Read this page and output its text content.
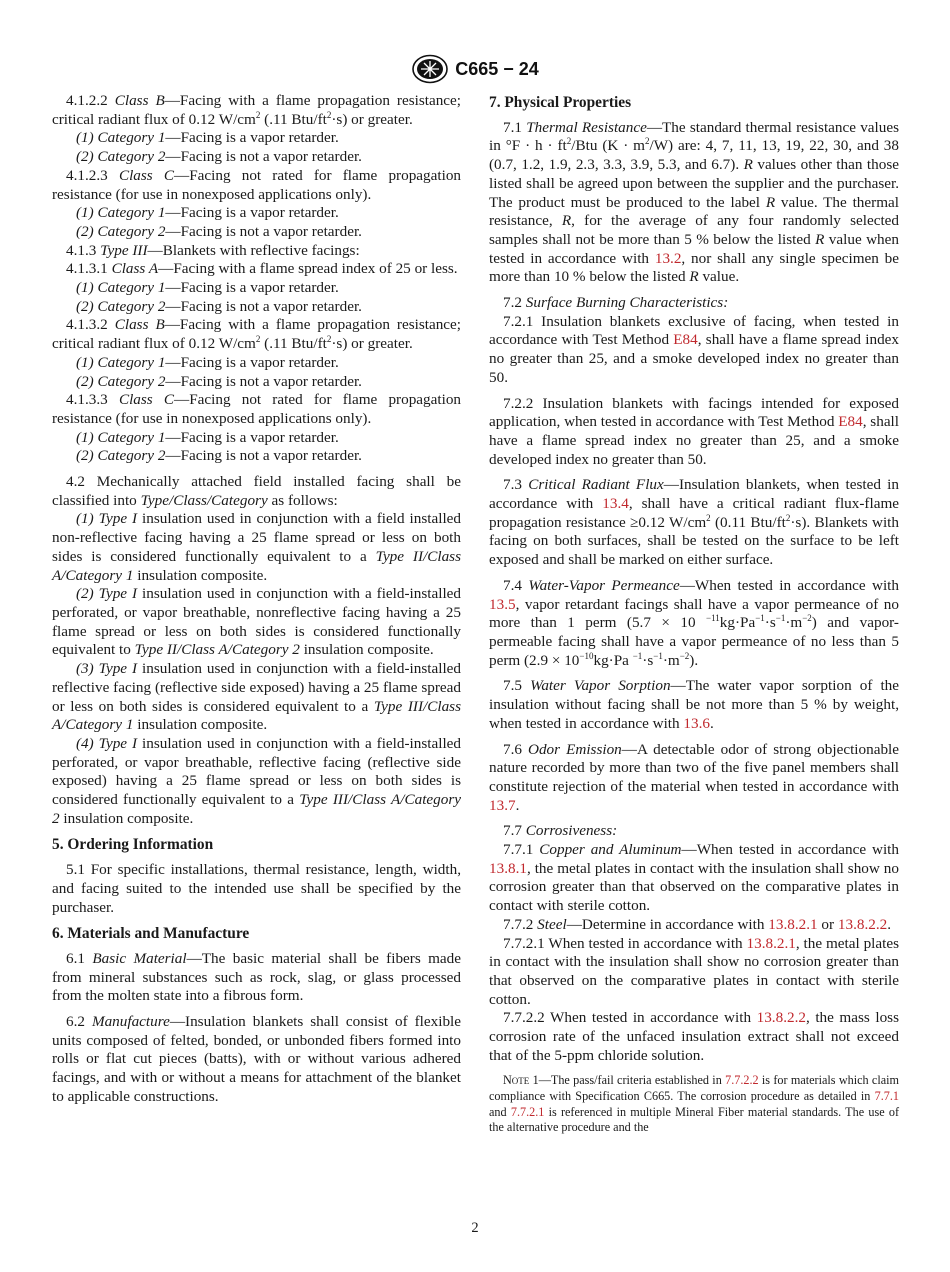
C665 − 24

4.1.2.2 Class B—Facing with a flame propagation resistance; critical radiant flux of 0.12 $W/cm^2$ (.11 Btu/$ft^2\cdot s$) or greater.

(1) Category 1—Facing is a vapor retarder.

(2) Category 2—Facing is not a vapor retarder.

4.1.2.3 Class C—Facing not rated for flame propagation resistance (for use in nonexposed applications only).

(1) Category 1—Facing is a vapor retarder.

(2) Category 2—Facing is not a vapor retarder.

4.1.3 Type III—Blankets with reflective facings:

4.1.3.1 Class A—Facing with a flame spread index of 25 or less.

(1) Category 1—Facing is a vapor retarder.

(2) Category 2—Facing is not a vapor retarder.

4.1.3.2 Class B—Facing with a flame propagation resistance; critical radiant flux of 0.12 $W/cm^2$ (.11 Btu/$ft^2\cdot s$) or greater.

(1) Category 1—Facing is a vapor retarder.

(2) Category 2—Facing is not a vapor retarder.

4.1.3.3 Class C—Facing not rated for flame propagation resistance (for use in nonexposed applications only).

(1) Category 1—Facing is a vapor retarder.

(2) Category 2—Facing is not a vapor retarder.

4.2 Mechanically attached field installed facing shall be classified into Type/Class/Category as follows:

(1) Type I insulation used in conjunction with a field installed non-reflective facing having a 25 flame spread or less on both sides is considered functionally equivalent to a Type II/Class A/Category 1 insulation composite.

(2) Type I insulation used in conjunction with a field-installed perforated, or vapor breathable, nonreflective facing having a 25 flame spread or less on both sides is considered functionally equivalent to Type II/Class A/Category 2 insulation composite.

(3) Type I insulation used in conjunction with a field-installed reflective facing (reflective side exposed) having a 25 flame spread or less on both sides is considered equivalent to a Type III/Class A/Category 1 insulation composite.

(4) Type I insulation used in conjunction with a field-installed perforated, or vapor breathable, reflective facing (reflective side exposed) having a 25 flame spread or less on both sides is considered functionally equivalent to a Type III/Class A/Category 2 insulation composite.

5. Ordering Information

5.1 For specific installations, thermal resistance, length, width, and facing suited to the intended use shall be specified by the purchaser.

6. Materials and Manufacture

6.1 Basic Material—The basic material shall be fibers made from mineral substances such as rock, slag, or glass processed from the molten state into a fibrous form.

6.2 Manufacture—Insulation blankets shall consist of flexible units composed of felted, bonded, or unbonded fibers formed into rolls or flat cut pieces (batts), with or without various adhered facings, and with or without a means for attachment of the blanket to applicable constructions.

7. Physical Properties

7.1 Thermal Resistance—The standard thermal resistance values in $^\circ F \cdot h \cdot ft^2$/Btu $(K \cdot m^2/W)$ are: 4, 7, 11, 13, 19, 22, 30, and 38 (0.7, 1.2, 1.9, 2.3, 3.3, 3.9, 5.3, and 6.7). R values other than those listed shall be agreed upon between the supplier and the purchaser. The product must be produced to the label R value. The thermal resistance, R, for the average of any four randomly selected samples shall not be more than 5 % below the listed R value when tested in accordance with 13.2, nor shall any single specimen be more than 10 % below the listed R value.

7.2 Surface Burning Characteristics:

7.2.1 Insulation blankets exclusive of facing, when tested in accordance with Test Method E84, shall have a flame spread index no greater than 25, and a smoke developed index no greater than 50.

7.2.2 Insulation blankets with facings intended for exposed application, when tested in accordance with Test Method E84, shall have a flame spread index no greater than 25, and a smoke developed index no greater than 50.

7.3 Critical Radiant Flux—Insulation blankets, when tested in accordance with 13.4, shall have a critical radiant flux-flame propagation resistance ≥0.12 $W/cm^2$ (0.11 Btu/$ft^2\cdot s$). Blankets with facing on both surfaces, shall be tested on the surface to be left exposed and shall be marked on either surface.

7.4 Water-Vapor Permeance—When tested in accordance with 13.5, vapor retardant facings shall have a vapor permeance of no more than 1 perm (5.7 × 10 $^{-11}kg\cdot Pa^{-1}\cdot s^{-1}\cdot m^{-2}$) and vapor-permeable facing shall have a vapor permeance of no less than 5 perm ($2.9 \times 10^{-10}kg\cdot Pa$ $^{-1}\cdot s^{-1}\cdot m^{-2}$).

7.5 Water Vapor Sorption—The water vapor sorption of the insulation without facing shall be not more than 5 % by weight, when tested in accordance with 13.6.

7.6 Odor Emission—A detectable odor of strong objectionable nature recorded by more than two of the five panel members shall constitute rejection of the material when tested in accordance with 13.7.

7.7 Corrosiveness:

7.7.1 Copper and Aluminum—When tested in accordance with 13.8.1, the metal plates in contact with the insulation shall show no corrosion greater than that observed on the comparative plates in contact with sterile cotton.

7.7.2 Steel—Determine in accordance with 13.8.2.1 or 13.8.2.2.

7.7.2.1 When tested in accordance with 13.8.2.1, the metal plates in contact with the insulation shall show no corrosion greater than that observed on the comparative plates in contact with sterile cotton.

7.7.2.2 When tested in accordance with 13.8.2.2, the mass loss corrosion rate of the unfaced insulation extract shall not exceed that of the 5-ppm chloride solution.

Note 1—The pass/fail criteria established in 7.7.2.2 is for materials which claim compliance with Specification C665. The corrosion procedure as detailed in 7.7.1 and 7.7.2.1 is referenced in multiple Mineral Fiber material standards. The use of the alternative procedure and the

2
